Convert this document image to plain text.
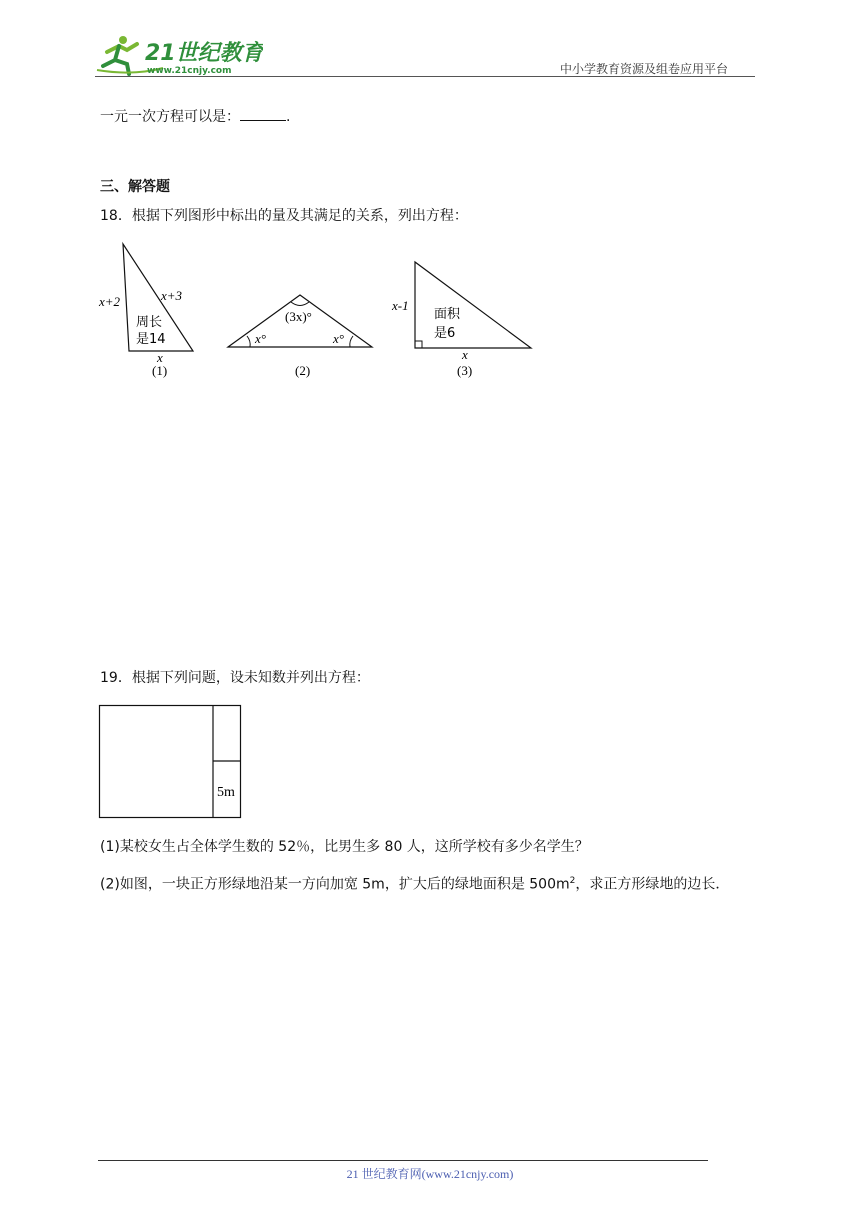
21世纪教育
www.21cnjy.com	中小学教育资源及组卷应用平台
一元一次方程可以是：	.
三、解答题
18．根据下列图形中标出的量及其满足的关系，列出方程：
x+2	x+3
周长
是14
x
(1)
(3x)°
x°	x°
(2)
x-1
面积
是6
x
(3)
19．根据下列问题，设未知数并列出方程：
5m
(1)某校女生占全体学生数的 52％，比男生多 80 人，这所学校有多少名学生？
(2)如图，一块正方形绿地沿某一方向加宽 5m，扩大后的绿地面积是 $500m^2$，求正方形绿地的边长．
21 世纪教育网(www.21cnjy.com)
